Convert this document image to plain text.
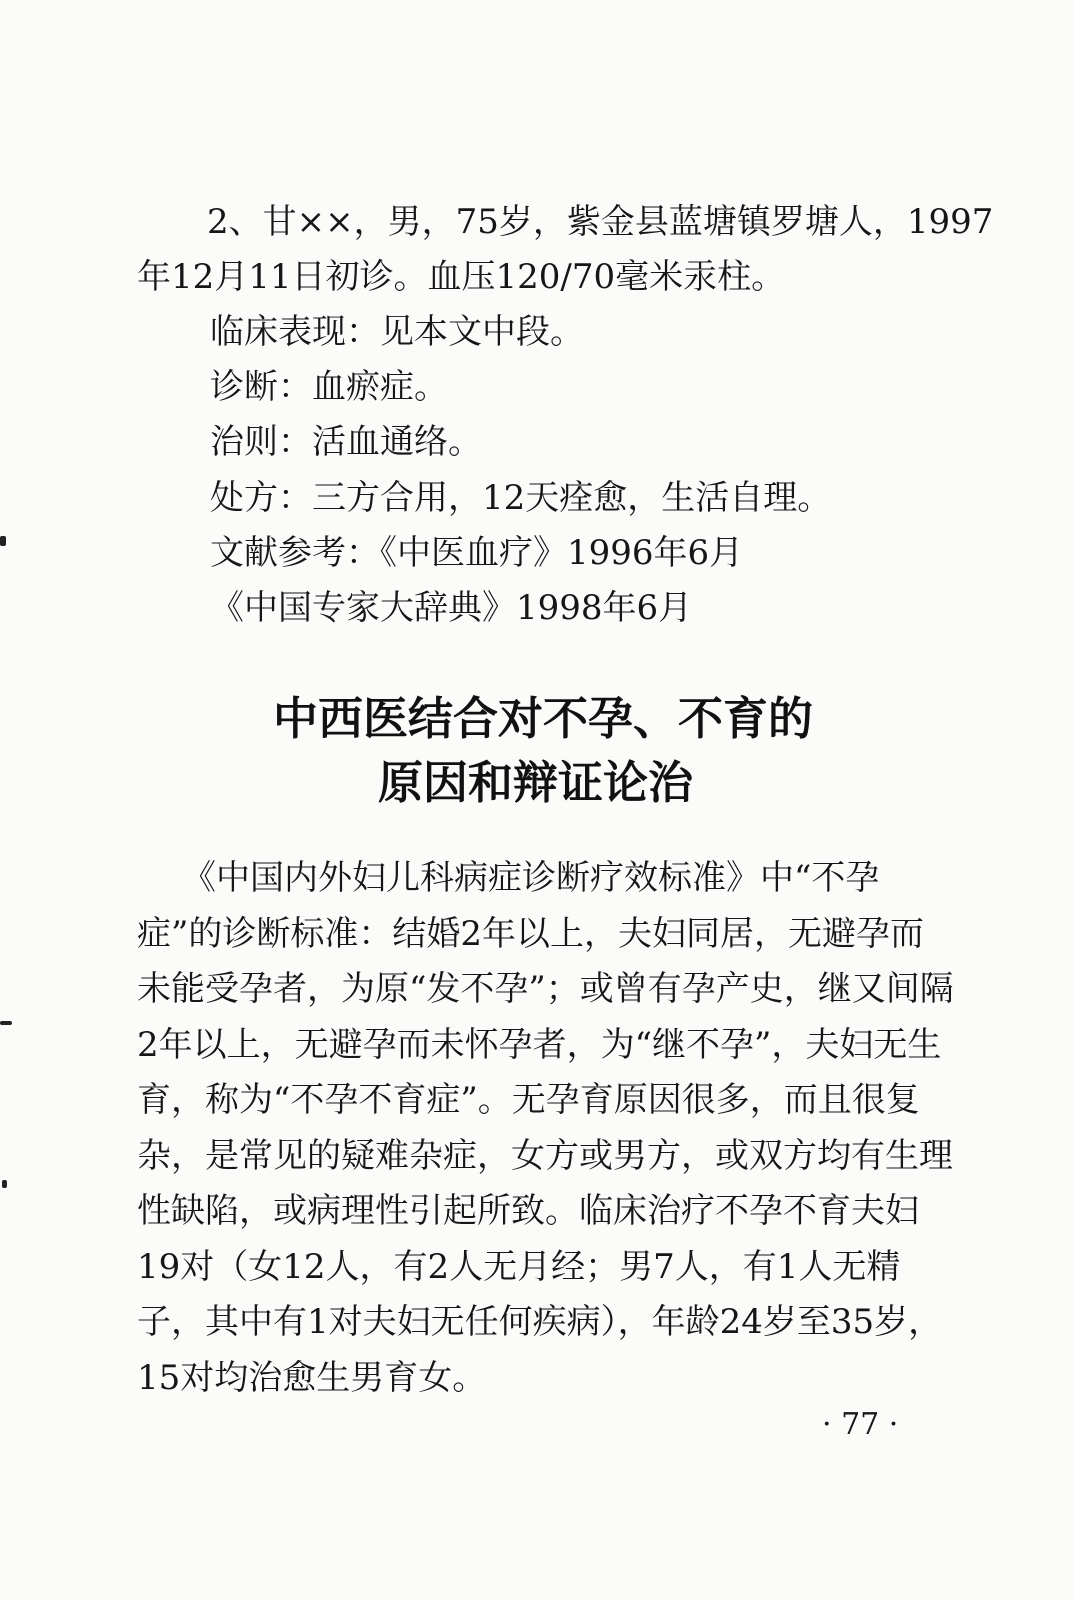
2、甘××，男，75岁，紫金县蓝塘镇罗塘人，1997
年12月11日初诊。血压120/70毫米汞柱。
临床表现：见本文中段。
诊断：血瘀症。
治则：活血通络。
处方：三方合用，12天痊愈，生活自理。
文献参考：《中医血疗》1996年6月
《中国专家大辞典》1998年6月
中西医结合对不孕、不育的
原因和辩证论治
《中国内外妇儿科病症诊断疗效标准》中“不孕
症”的诊断标准：结婚2年以上，夫妇同居，无避孕而
未能受孕者，为原“发不孕”；或曾有孕产史，继又间隔
2年以上，无避孕而未怀孕者，为“继不孕”，夫妇无生
育，称为“不孕不育症”。无孕育原因很多，而且很复
杂，是常见的疑难杂症，女方或男方，或双方均有生理
性缺陷，或病理性引起所致。临床治疗不孕不育夫妇
19对（女12人，有2人无月经；男7人，有1人无精
子，其中有1对夫妇无任何疾病），年龄24岁至35岁，
15对均治愈生男育女。
· 77 ·
